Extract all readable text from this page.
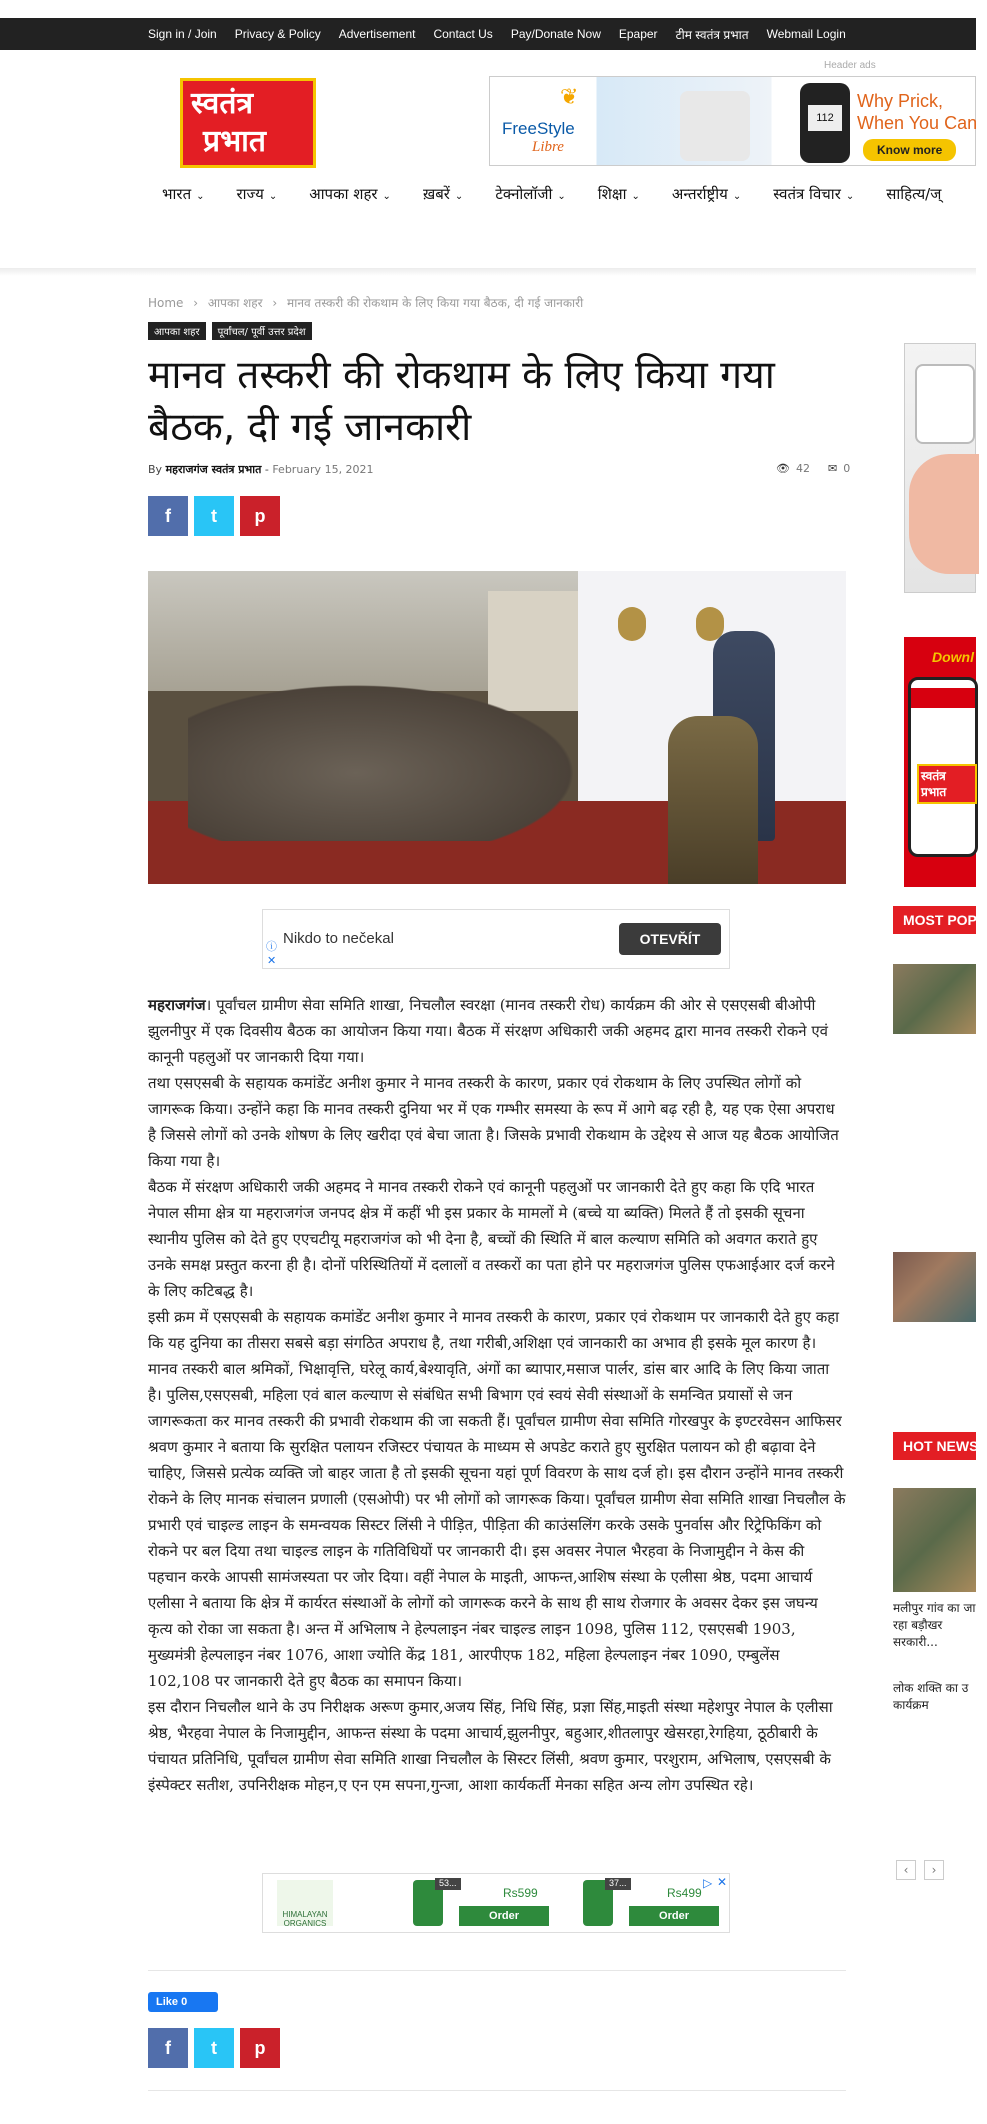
Sign in / Join Privacy & Policy Advertisement Contact Us Pay/Donate Now Epaper टीम स्वतंत्र प्रभात Webmail Login
Header ads
स्वतंत्र
प्रभात
❦
FreeStyle
Libre
112
Why Prick,
When You Can
Know more
भारत ⌄ राज्य ⌄ आपका शहर ⌄ ख़बरें ⌄ टेक्नोलॉजी ⌄ शिक्षा ⌄ अन्तर्राष्ट्रीय ⌄ स्वतंत्र विचार ⌄ साहित्य/ज्
Home › आपका शहर › मानव तस्करी की रोकथाम के लिए किया गया बैठक, दी गई जानकारी
आपका शहर	पूर्वांचल/ पूर्वी उत्तर प्रदेश
मानव तस्करी की रोकथाम के लिए किया गया बैठक, दी गई जानकारी
By महराजगंज स्वतंत्र प्रभात - February 15, 2021	👁 42 ✉ 0
f	t	p
ⓘ
✕
Nikdo to nečekal	OTEVŘÍT

महराजगंज। पूर्वांचल ग्रामीण सेवा समिति शाखा, निचलौल स्वरक्षा (मानव तस्करी रोध) कार्यक्रम की ओर से एसएसबी बीओपी झुलनीपुर में एक दिवसीय बैठक का आयोजन किया गया। बैठक में संरक्षण अधिकारी जकी अहमद द्वारा मानव तस्करी रोकने एवं कानूनी पहलुओं पर जानकारी दिया गया।

तथा एसएसबी के सहायक कमांडेंट अनीश कुमार ने मानव तस्करी के कारण, प्रकार एवं रोकथाम के लिए उपस्थित लोगों को जागरूक किया। उन्होंने कहा कि मानव तस्करी दुनिया भर में एक गम्भीर समस्या के रूप में आगे बढ़ रही है, यह एक ऐसा अपराध है जिससे लोगों को उनके शोषण के लिए खरीदा एवं बेचा जाता है। जिसके प्रभावी रोकथाम के उद्देश्य से आज यह बैठक आयोजित किया गया है।

बैठक में संरक्षण अधिकारी जकी अहमद ने मानव तस्करी रोकने एवं कानूनी पहलुओं पर जानकारी देते हुए कहा कि एदि भारत नेपाल सीमा क्षेत्र या महराजगंज जनपद क्षेत्र में कहीं भी इस प्रकार के मामलों मे (बच्चे या ब्यक्ति) मिलते हैं तो इसकी सूचना स्थानीय पुलिस को देते हुए एएचटीयू महराजगंज को भी देना है, बच्चों की स्थिति में बाल कल्याण समिति को अवगत कराते हुए उनके समक्ष प्रस्तुत करना ही है। दोनों परिस्थितियों में दलालों व तस्करों का पता होने पर महराजगंज पुलिस एफआईआर दर्ज करने के लिए कटिबद्ध है।

इसी क्रम में एसएसबी के सहायक कमांडेंट अनीश कुमार ने मानव तस्करी के कारण, प्रकार एवं रोकथाम पर जानकारी देते हुए कहा कि यह दुनिया का तीसरा सबसे बड़ा संगठित अपराध है, तथा गरीबी,अशिक्षा एवं जानकारी का अभाव ही इसके मूल कारण है। मानव तस्करी बाल श्रमिकों, भिक्षावृत्ति, घरेलू कार्य,बेश्यावृति, अंगों का ब्यापार,मसाज पार्लर, डांस बार आदि के लिए किया जाता है। पुलिस,एसएसबी, महिला एवं बाल कल्याण से संबंधित सभी बिभाग एवं स्वयं सेवी संस्थाओं के समन्वित प्रयासों से जन जागरूकता कर मानव तस्करी की प्रभावी रोकथाम की जा सकती हैं। पूर्वांचल ग्रामीण सेवा समिति गोरखपुर के इण्टरवेसन आफिसर श्रवण कुमार ने बताया कि सुरक्षित पलायन रजिस्टर पंचायत के माध्यम से अपडेट कराते हुए सुरक्षित पलायन को ही बढ़ावा देने चाहिए, जिससे प्रत्येक व्यक्ति जो बाहर जाता है तो इसकी सूचना यहां पूर्ण विवरण के साथ दर्ज हो। इस दौरान उन्होंने मानव तस्करी रोकने के लिए मानक संचालन प्रणाली (एसओपी) पर भी लोगों को जागरूक किया। पूर्वांचल ग्रामीण सेवा समिति शाखा निचलौल के प्रभारी एवं चाइल्ड लाइन के समन्वयक सिस्टर लिंसी ने पीड़ित, पीड़िता की काउंसलिंग करके उसके पुनर्वास और रिट्रेफिकिंग को रोकने पर बल दिया तथा चाइल्ड लाइन के गतिविधियों पर जानकारी दी। इस अवसर नेपाल भैरहवा के निजामुद्दीन ने केस की पहचान करके आपसी सामंजस्यता पर जोर दिया। वहीं नेपाल के माइती, आफन्त,आशिष संस्था के एलीसा श्रेष्ठ, पदमा आचार्य एलीसा ने बताया कि क्षेत्र में कार्यरत संस्थाओं के लोगों को जागरूक करने के साथ ही साथ रोजगार के अवसर देकर इस जघन्य कृत्य को रोका जा सकता है। अन्त में अभिलाष ने हेल्पलाइन नंबर चाइल्ड लाइन 1098, पुलिस 112, एसएसबी 1903, मुख्यमंत्री हेल्पलाइन नंबर 1076, आशा ज्योति केंद्र 181, आरपीएफ 182, महिला हेल्पलाइन नंबर 1090, एम्बुलेंस 102,108 पर जानकारी देते हुए बैठक का समापन किया।

इस दौरान निचलौल थाने के उप निरीक्षक अरूण कुमार,अजय सिंह, निधि सिंह, प्रज्ञा सिंह,माइती संस्था महेशपुर नेपाल के एलीसा श्रेष्ठ, भैरहवा नेपाल के निजामुद्दीन, आफन्त संस्था के पदमा आचार्य,झुलनीपुर, बहुआर,शीतलापुर खेसरहा,रेगहिया, ठूठीबारी के पंचायत प्रतिनिधि, पूर्वांचल ग्रामीण सेवा समिति शाखा निचलौल के सिस्टर लिंसी, श्रवण कुमार, परशुराम, अभिलाष, एसएसबी के इंस्पेक्टर सतीश, उपनिरीक्षक मोहन,ए एन एम सपना,गुन्जा, आशा कार्यकर्ती मेनका सहित अन्य लोग उपस्थित रहे।

HIMALAYAN ORGANICS
53...
Rs599
Order
37...
Rs499
Order
▷ ✕
Like 0
f	t	p
Downl
स्वतंत्र
प्रभात
MOST POPU
HOT NEWS
मलीपुर गांव का जा रहा बड़ौखर सरकारी...
लोक शक्ति का उ कार्यक्रम
‹	›
